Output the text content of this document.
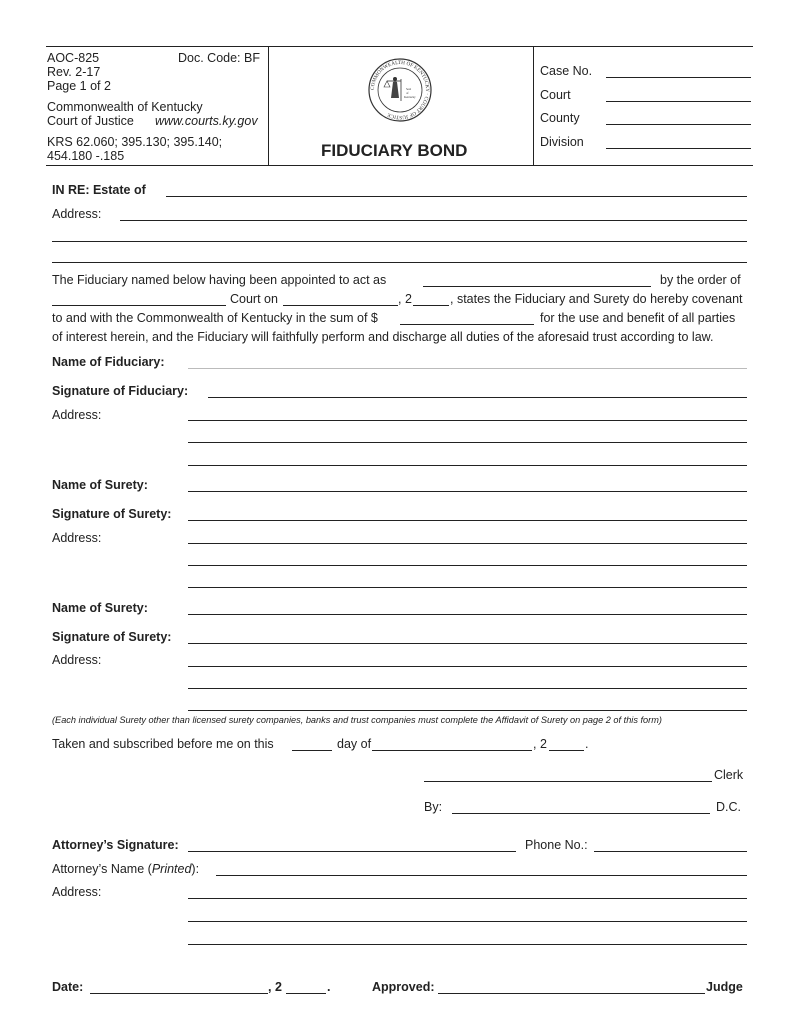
AOC-825	Doc. Code: BF
Rev. 2-17
Page 1 of 2
Commonwealth of Kentucky
Court of Justice www.courts.ky.gov
KRS 62.060; 395.130; 395.140;
454.180 -.185
COMMONWEALTH OF KENTUCKY · COURT OF JUSTICE
Seal
of
Kentucky
FIDUCIARY BOND
Case No.
Court
County
Division
IN RE: Estate of
Address:
The Fiduciary named below having been appointed to act as	by the order of
Court on	, 2	, states the Fiduciary and Surety do hereby covenant
to and with the Commonwealth of Kentucky in the sum of $	for the use and benefit of all parties
of interest herein, and the Fiduciary will faithfully perform and discharge all duties of the aforesaid trust according to law.
Name of Fiduciary:
Signature of Fiduciary:
Address:
Name of Surety:
Signature of Surety:
Address:
Name of Surety:
Signature of Surety:
Address:
(Each individual Surety other than licensed surety companies, banks and trust companies must complete the Affidavit of Surety on page 2 of this form)
Taken and subscribed before me on this	day of	, 2	.
Clerk
By:	D.C.
Attorney’s Signature:	Phone No.:
Attorney’s Name (Printed):
Address:
Date:	, 2	.	Approved:	Judge
